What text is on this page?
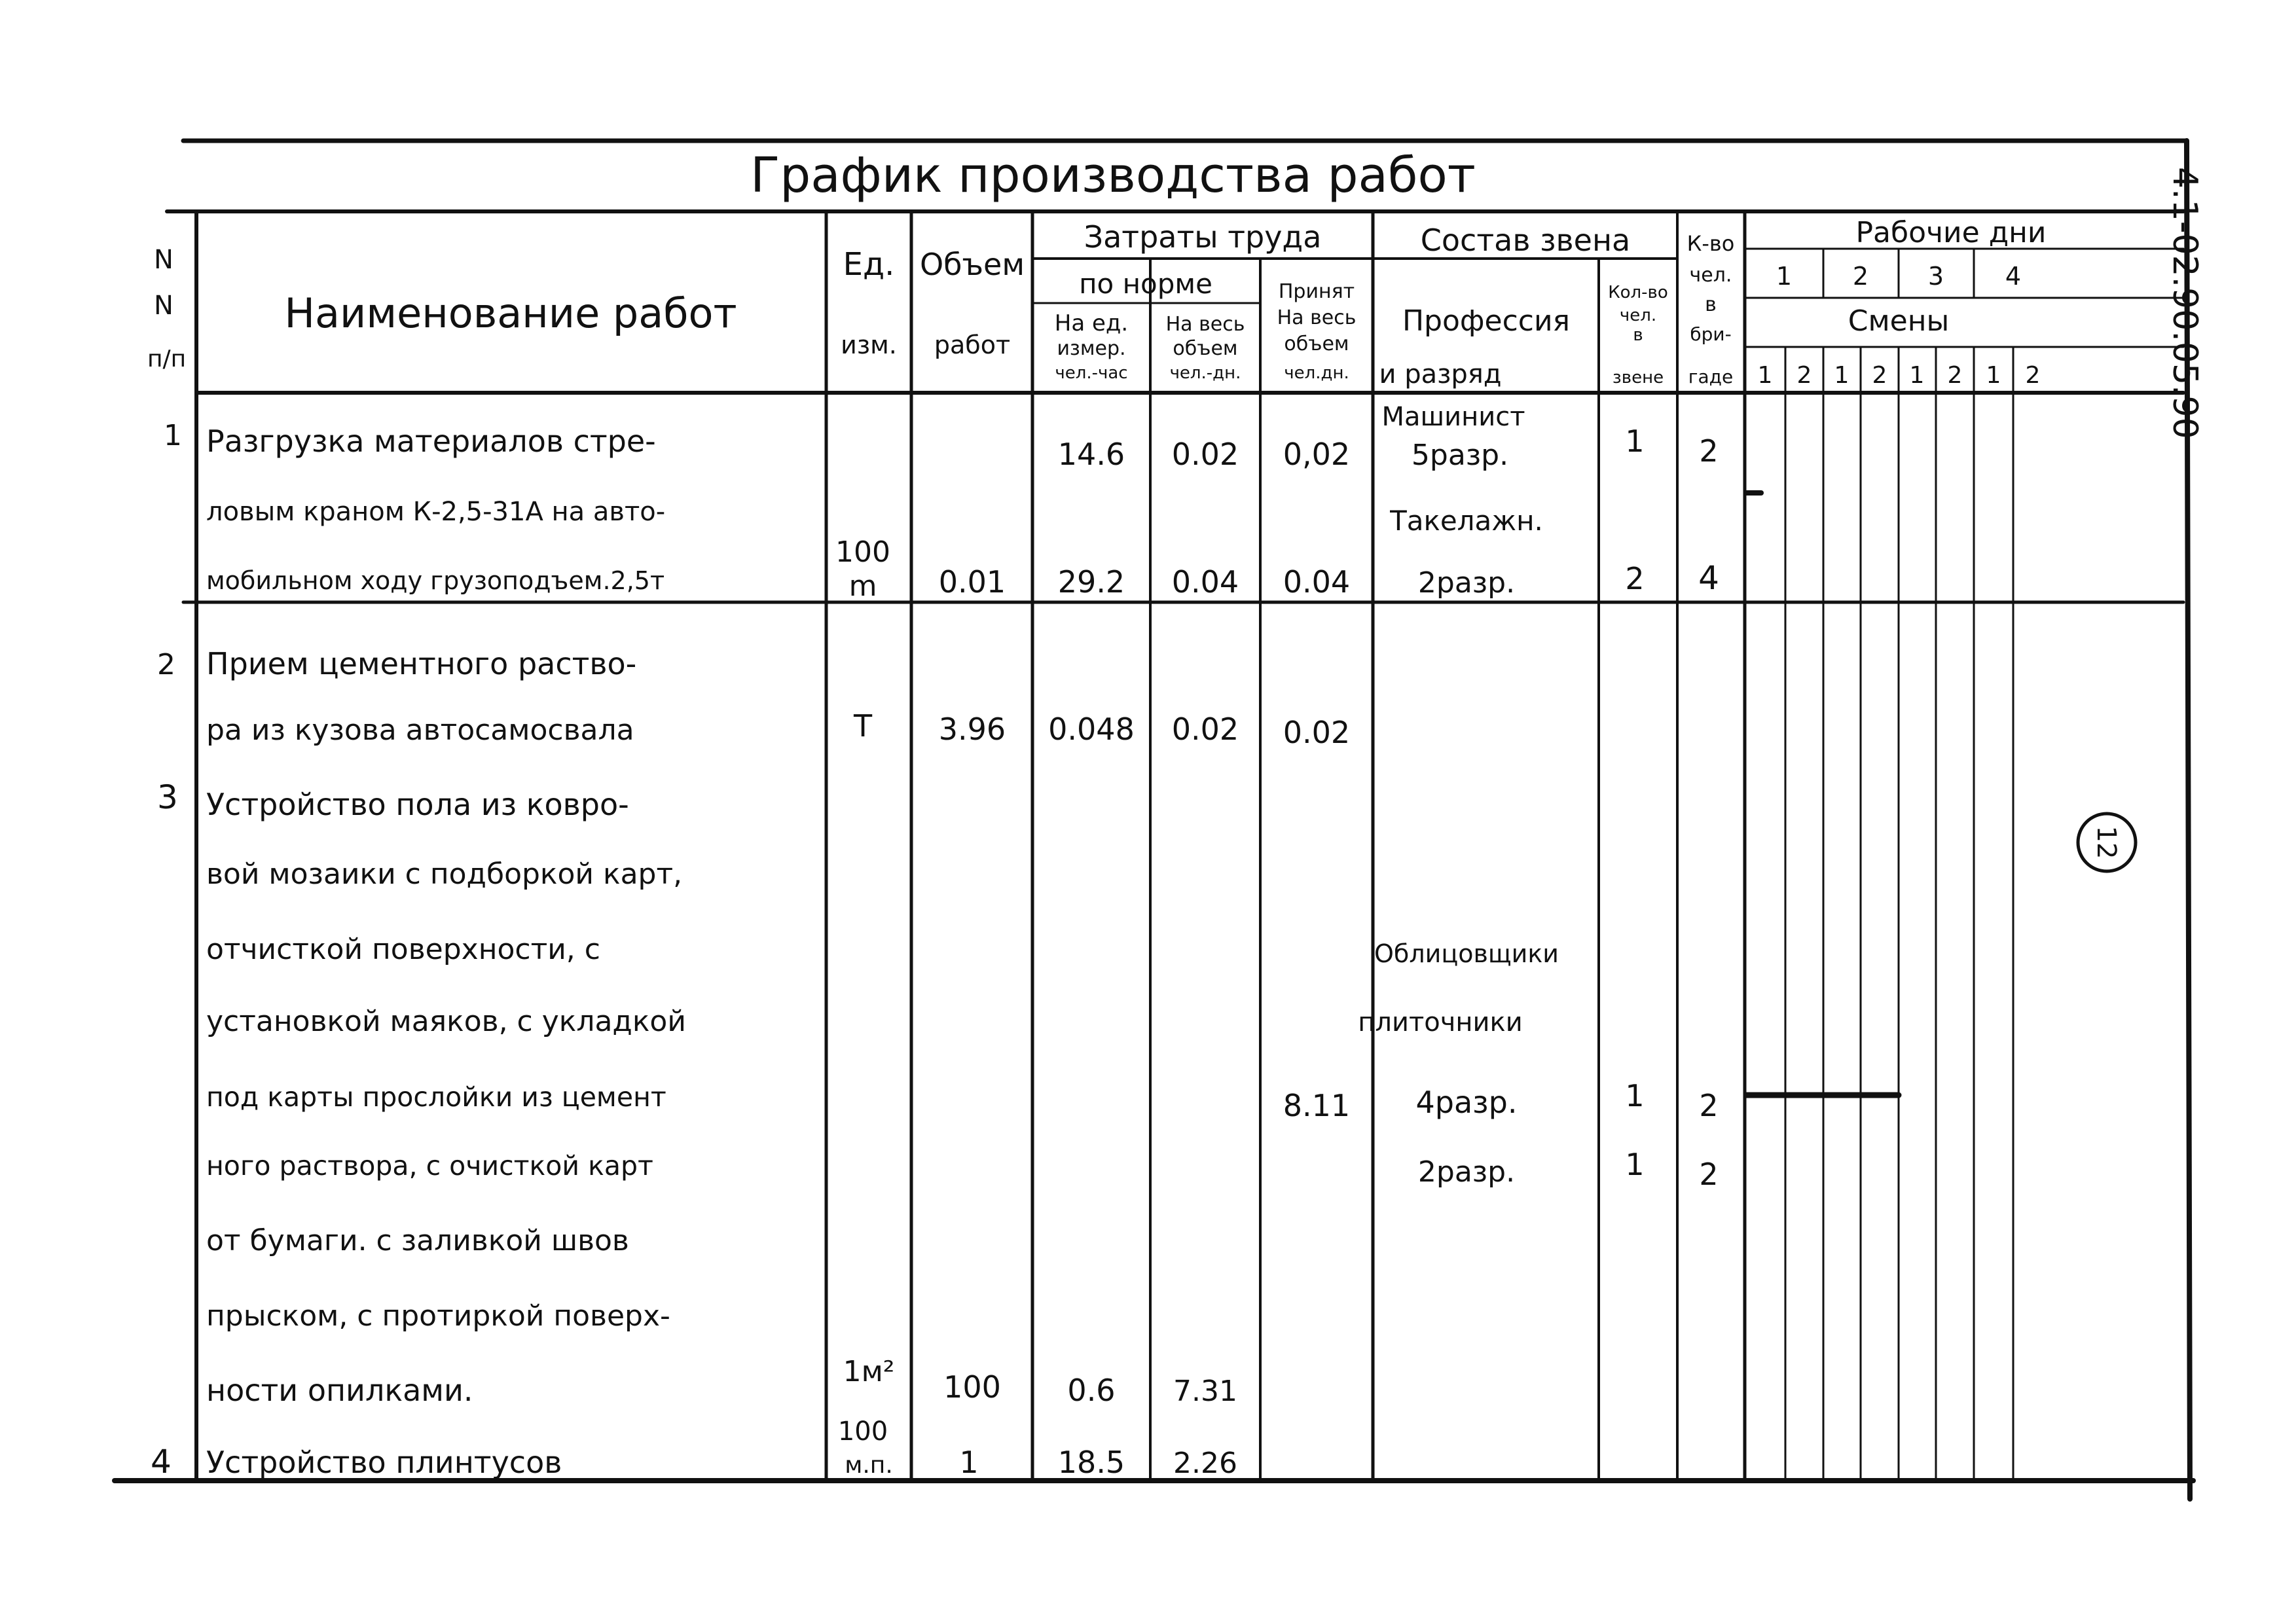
График производства работ
N
N
п/п
Наименование работ
Ед.
изм.
Объем
работ
Затраты труда
по норме
На ед.
измер.
чел.-час
На весь
объем
чел.-дн.
Принят
На весь
объем
чел.дн.
Состав звена
Профессия
и разряд
Кол-во
чел.
в
звене
К-во
чел.
в
бри-
гаде
Рабочие дни
1 2 3 4
Смены
1 2 1 2 1 2 1 2
1 Разгрузка материалов стре-
ловым краном К-2,5-31А на авто-
мобильном ходу грузоподъем.2,5т
100
m 0.01
14.6
29.2
0.02
0.04
0,02
0.04
Машинист
5разр.
Такелажн.
2разр.
1
2
2
4
2 Прием цементного раство-
ра из кузова автосамосвала	Т 3.96 0.048 0.02 0.02
3 Устройство пола из ковро-
вой мозаики с подборкой карт,
отчисткой поверхности, с
установкой маяков, с укладкой
под карты прослойки из цемент
ного раствора, с очисткой карт
от бумаги. с заливкой швов
прыском, с протиркой поверх-
ности опилками.
1м² 100 0.6 7.31
8.11
Облицовщики
плиточники
4разр.
2разр.
1
1
2
2
4 Устройство плинтусов
100
м.п. 1	18.5 2.26
4.1-02.90.05.90
12
